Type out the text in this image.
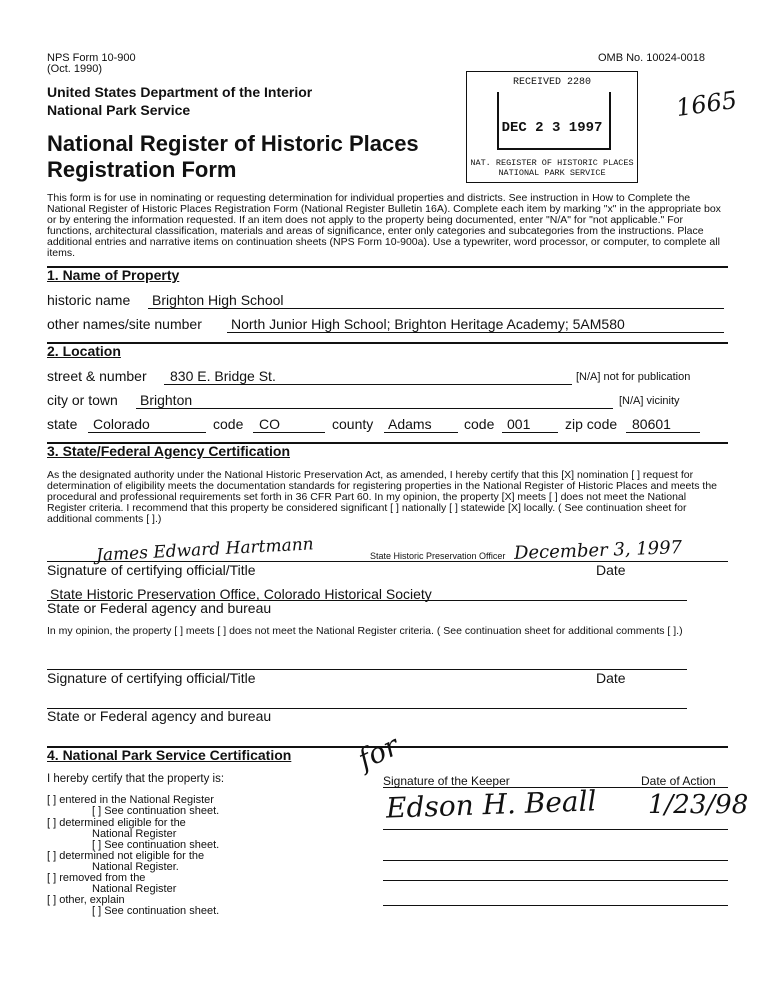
NPS Form 10-900
(Oct. 1990)
OMB No. 10024-0018
United States Department of the Interior
National Park Service
National Register of Historic Places
Registration Form
1665
RECEIVED 2280
DEC 2 3 1997
NAT. REGISTER OF HISTORIC PLACES
NATIONAL PARK SERVICE
This form is for use in nominating or requesting determination for individual properties and districts. See instruction in How to Complete the National Register of Historic Places Registration Form (National Register Bulletin 16A). Complete each item by marking "x" in the appropriate box or by entering the information requested. If an item does not apply to the property being documented, enter "N/A" for "not applicable." For functions, architectural classification, materials and areas of significance, enter only categories and subcategories from the instructions. Place additional entries and narrative items on continuation sheets (NPS Form 10-900a). Use a typewriter, word processor, or computer, to complete all items.
1. Name of Property
historic name Brighton High School
other names/site number North Junior High School; Brighton Heritage Academy; 5AM580
2. Location
street & number 830 E. Bridge St.	[N/A] not for publication
city or town Brighton	[N/A] vicinity
state Colorado	code CO	county Adams code 001 zip code 80601
3. State/Federal Agency Certification
As the designated authority under the National Historic Preservation Act, as amended, I hereby certify that this [X] nomination [ ] request for determination of eligibility meets the documentation standards for registering properties in the National Register of Historic Places and meets the procedural and professional requirements set forth in 36 CFR Part 60. In my opinion, the property [X] meets [ ] does not meet the National Register criteria. I recommend that this property be considered significant [ ] nationally [ ] statewide [X] locally. ( See continuation sheet for additional comments [ ].)
James Edward Hartmann	State Historic Preservation Officer December 3, 1997
Signature of certifying official/Title	Date
State Historic Preservation Office, Colorado Historical Society
State or Federal agency and bureau
In my opinion, the property [ ] meets [ ] does not meet the National Register criteria. ( See continuation sheet for additional comments [ ].)
Signature of certifying official/Title	Date
State or Federal agency and bureau
4. National Park Service Certification
I hereby certify that the property is:	Signature of the Keeper	Date of Action
for
Edson H. Beall 1/23/98
[ ] entered in the National Register
[ ] See continuation sheet.
[ ] determined eligible for the
National Register
[ ] See continuation sheet.
[ ] determined not eligible for the
National Register.
[ ] removed from the
National Register
[ ] other, explain
[ ] See continuation sheet.
